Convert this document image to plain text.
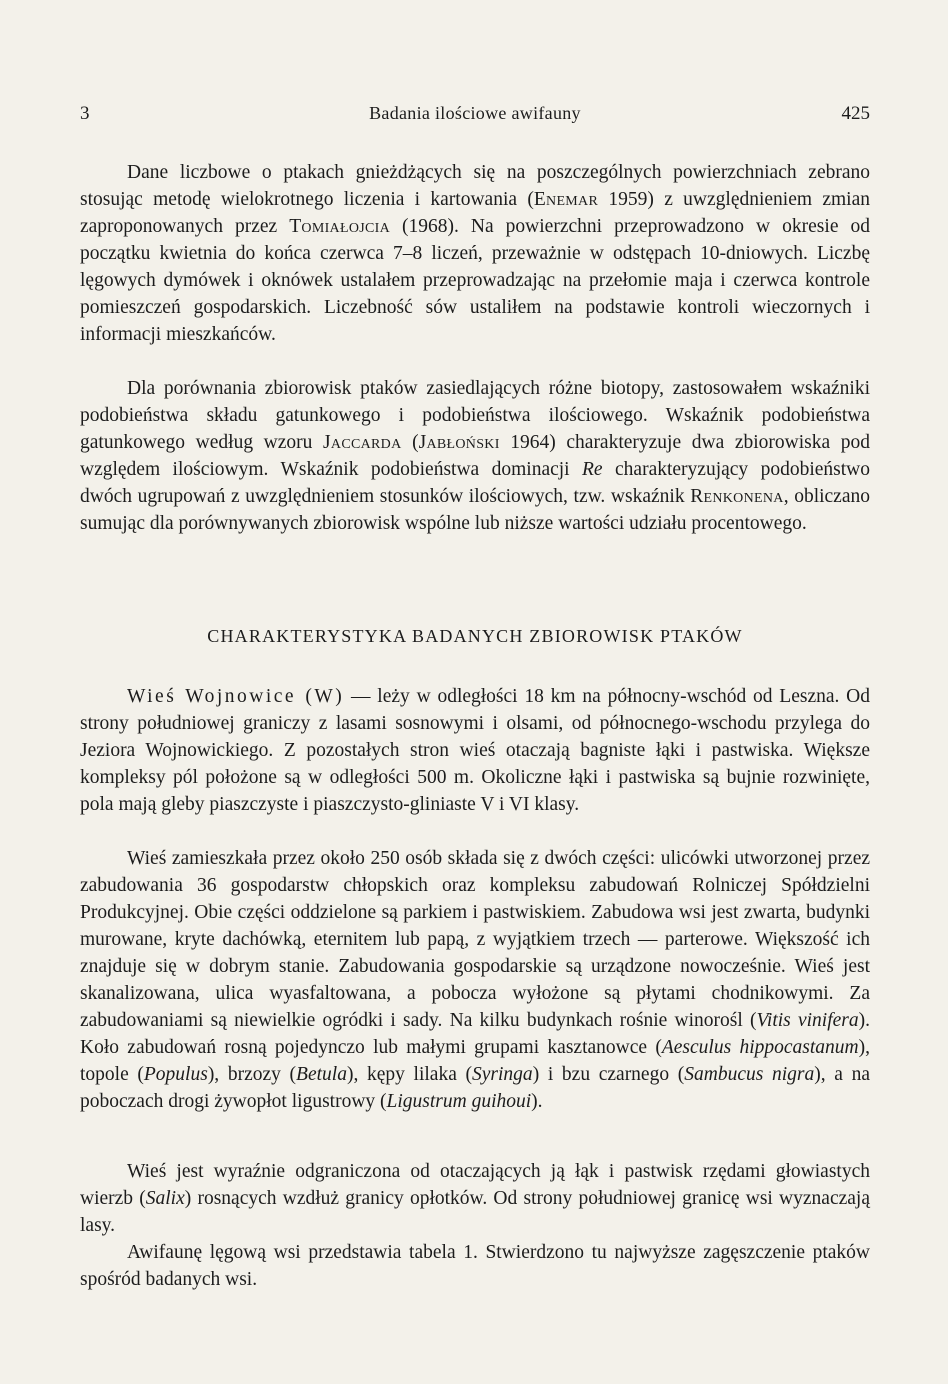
3	Badania ilościowe awifauny	425

Dane liczbowe o ptakach gnieżdżących się na poszczególnych powierzchniach zebrano stosując metodę wielokrotnego liczenia i kartowania (Enemar 1959) z uwzględnieniem zmian zaproponowanych przez Tomiałojcia (1968). Na powierzchni przeprowadzono w okresie od początku kwietnia do końca czerwca 7–8 liczeń, przeważnie w odstępach 10-dniowych. Liczbę lęgowych dymówek i oknówek ustalałem przeprowadzając na przełomie maja i czerwca kontrole pomieszczeń gospodarskich. Liczebność sów ustaliłem na podstawie kontroli wieczornych i informacji mieszkańców.

Dla porównania zbiorowisk ptaków zasiedlających różne biotopy, zastosowałem wskaźniki podobieństwa składu gatunkowego i podobieństwa ilościowego. Wskaźnik podobieństwa gatunkowego według wzoru Jaccarda (Jabłoński 1964) charakteryzuje dwa zbiorowiska pod względem ilościowym. Wskaźnik podobieństwa dominacji Re charakteryzujący podobieństwo dwóch ugrupowań z uwzględnieniem stosunków ilościowych, tzw. wskaźnik Renkonena, obliczano sumując dla porównywanych zbiorowisk wspólne lub niższe wartości udziału procentowego.

CHARAKTERYSTYKA BADANYCH ZBIOROWISK PTAKÓW

Wieś Wojnowice (W) — leży w odległości 18 km na północny-wschód od Leszna. Od strony południowej graniczy z lasami sosnowymi i olsami, od północnego-wschodu przylega do Jeziora Wojnowickiego. Z pozostałych stron wieś otaczają bagniste łąki i pastwiska. Większe kompleksy pól położone są w odległości 500 m. Okoliczne łąki i pastwiska są bujnie rozwinięte, pola mają gleby piaszczyste i piaszczysto-gliniaste V i VI klasy.

Wieś zamieszkała przez około 250 osób składa się z dwóch części: ulicówki utworzonej przez zabudowania 36 gospodarstw chłopskich oraz kompleksu zabudowań Rolniczej Spółdzielni Produkcyjnej. Obie części oddzielone są parkiem i pastwiskiem. Zabudowa wsi jest zwarta, budynki murowane, kryte dachówką, eternitem lub papą, z wyjątkiem trzech — parterowe. Większość ich znajduje się w dobrym stanie. Zabudowania gospodarskie są urządzone nowocześnie. Wieś jest skanalizowana, ulica wyasfaltowana, a pobocza wyłożone są płytami chodnikowymi. Za zabudowaniami są niewielkie ogródki i sady. Na kilku budynkach rośnie winorośl (Vitis vinifera). Koło zabudowań rosną pojedynczo lub małymi grupami kasztanowce (Aesculus hippocastanum), topole (Populus), brzozy (Betula), kępy lilaka (Syringa) i bzu czarnego (Sambucus nigra), a na poboczach drogi żywopłot ligustrowy (Ligustrum guihoui).

Wieś jest wyraźnie odgraniczona od otaczających ją łąk i pastwisk rzędami głowiastych wierzb (Salix) rosnących wzdłuż granicy opłotków. Od strony południowej granicę wsi wyznaczają lasy.

Awifaunę lęgową wsi przedstawia tabela 1. Stwierdzono tu najwyższe zagęszczenie ptaków spośród badanych wsi.
